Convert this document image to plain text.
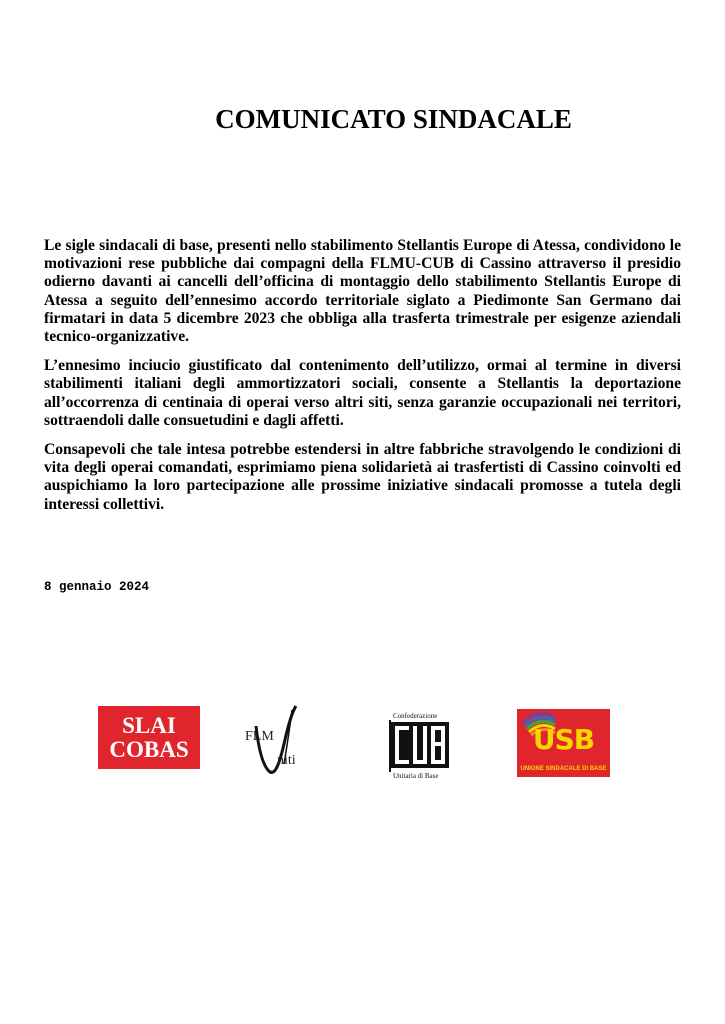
COMUNICATO SINDACALE

Le sigle sindacali di base, presenti nello stabilimento Stellantis Europe di Atessa, condividono le motivazioni rese pubbliche dai compagni della FLMU-CUB di Cassino attraverso il presidio odierno davanti ai cancelli dell’officina di montaggio dello stabilimento Stellantis Europe di Atessa a seguito dell’ennesimo accordo territoriale siglato a Piedimonte San Germano dai firmatari in data 5 dicembre 2023 che obbliga alla trasferta trimestrale per esigenze aziendali tecnico-organizzative.

L’ennesimo inciucio giustificato dal contenimento dell’utilizzo, ormai al termine in diversi stabilimenti italiani degli ammortizzatori sociali, consente a Stellantis la deportazione all’occorrenza di centinaia di operai verso altri siti, senza garanzie occupazionali nei territori, sottraendoli dalle consuetudini e dagli affetti.

Consapevoli che tale intesa potrebbe estendersi in altre fabbriche stravolgendo le condizioni di vita degli operai comandati, esprimiamo piena solidarietà ai trasfertisti di Cassino coinvolti ed auspichiamo la loro partecipazione alle prossime iniziative sindacali promosse a tutela degli interessi collettivi.

8 gennaio 2024
SLAI
COBAS	FLM
niti
Confederazione
Unitaria di Base
USB
UNIONE SINDACALE DI BASE
